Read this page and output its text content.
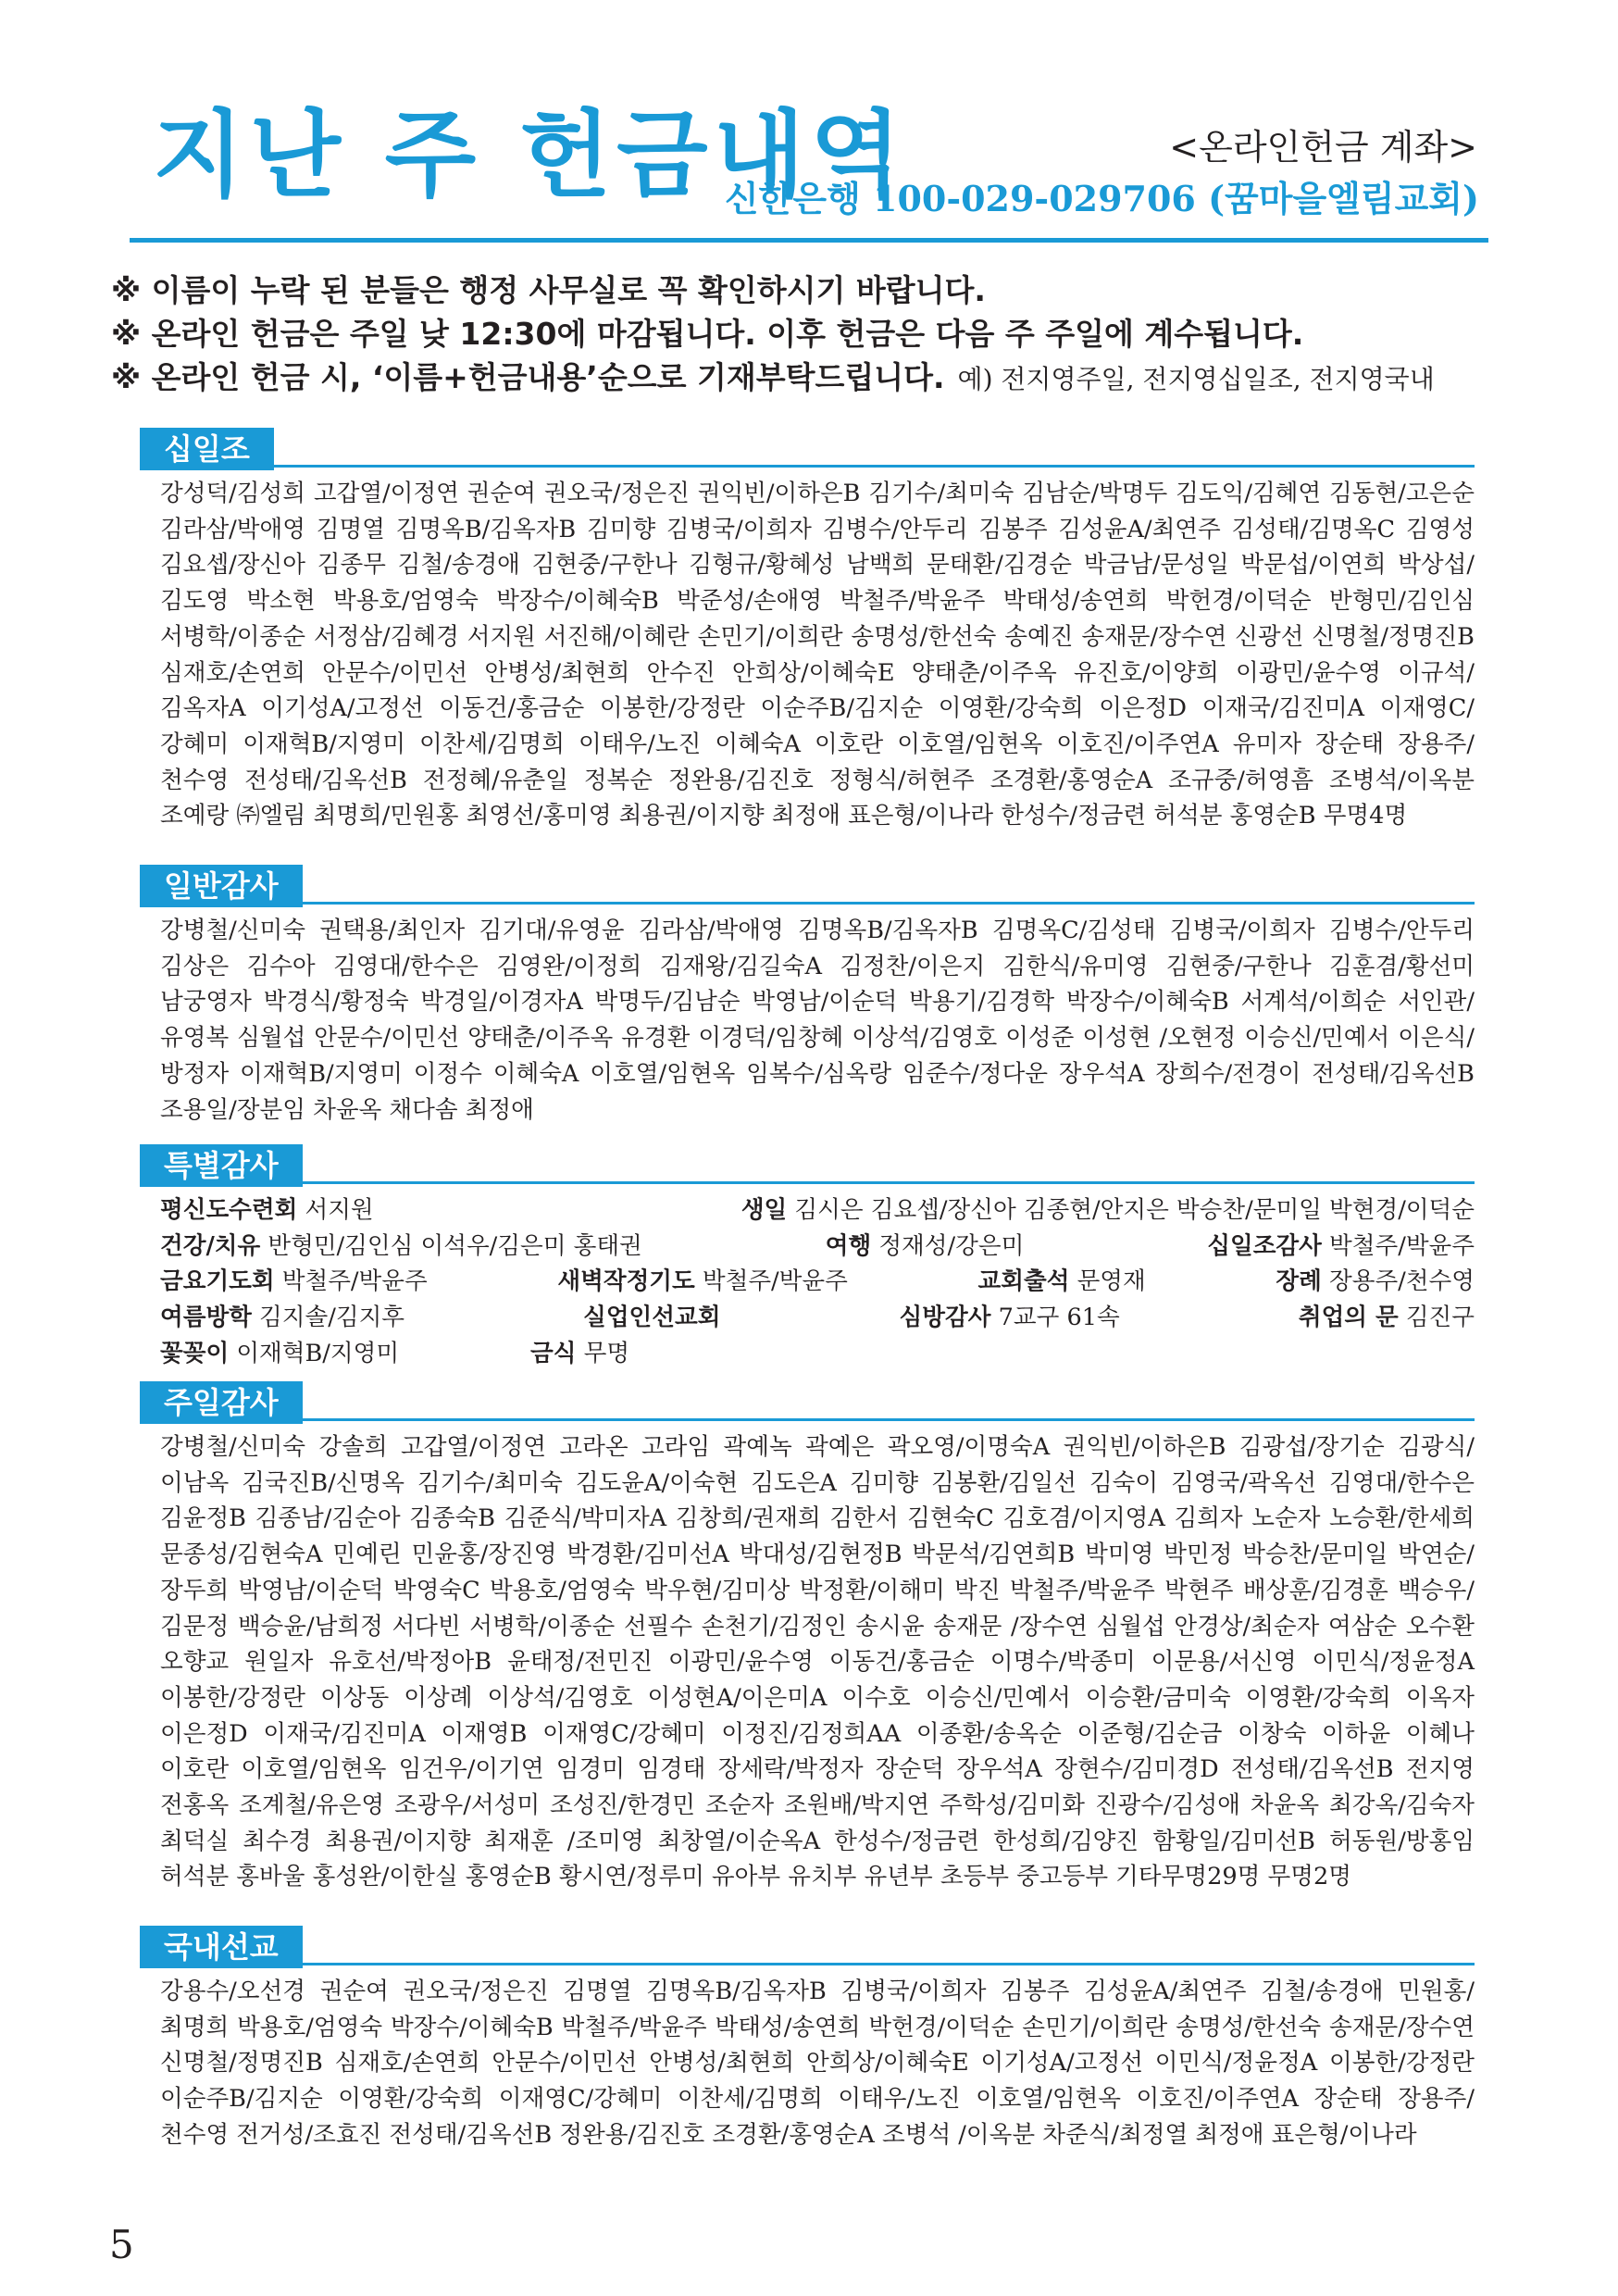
지난 주 헌금내역	<온라인헌금 계좌>
신한은행 100-029-029706 (꿈마을엘림교회)
※ 이름이 누락 된 분들은 행정 사무실로 꼭 확인하시기 바랍니다.
※ 온라인 헌금은 주일 낮 12:30에 마감됩니다. 이후 헌금은 다음 주 주일에 계수됩니다.
※ 온라인 헌금 시, ‘이름+헌금내용’순으로 기재부탁드립니다. 예) 전지영주일, 전지영십일조, 전지영국내
십일조
강성덕/김성희 고갑열/이정연 권순여 권오국/정은진 권익빈/이하은B 김기수/최미숙 김남순/박명두 김도익/김혜연 김동현/고은순 김라삼/박애영 김명열 김명옥B/김옥자B 김미향 김병국/이희자 김병수/안두리 김봉주 김성윤A/최연주 김성태/김명옥C 김영성 김요셉/장신아 김종무 김철/송경애 김현중/구한나 김형규/황혜성 남백희 문태환/김경순 박금남/문성일 박문섭/이연희 박상섭/김도영 박소현 박용호/엄영숙 박장수/이혜숙B 박준성/손애영 박철주/박윤주 박태성/송연희 박헌경/이덕순 반형민/김인심 서병학/이종순 서정삼/김혜경 서지원 서진해/이혜란 손민기/이희란 송명성/한선숙 송예진 송재문/장수연 신광선 신명철/정명진B 심재호/손연희 안문수/이민선 안병성/최현희 안수진 안희상/이혜숙E 양태춘/이주옥 유진호/이양희 이광민/윤수영 이규석/김옥자A 이기성A/고정선 이동건/홍금순 이봉한/강정란 이순주B/김지순 이영환/강숙희 이은정D 이재국/김진미A 이재영C/강혜미 이재혁B/지영미 이찬세/김명희 이태우/노진 이혜숙A 이호란 이호열/임현옥 이호진/이주연A 유미자 장순태 장용주/천수영 전성태/김옥선B 전정혜/유춘일 정복순 정완용/김진호 정형식/허현주 조경환/홍영순A 조규중/허영흠 조병석/이옥분 조예랑 ㈜엘림 최명희/민원홍 최영선/홍미영 최용권/이지향 최정애 표은형/이나라 한성수/정금련 허석분 홍영순B 무명4명
일반감사
강병철/신미숙 권택용/최인자 김기대/유영윤 김라삼/박애영 김명옥B/김옥자B 김명옥C/김성태 김병국/이희자 김병수/안두리 김상은 김수아 김영대/한수은 김영완/이정희 김재왕/김길숙A 김정찬/이은지 김한식/유미영 김현중/구한나 김훈겸/황선미 남궁영자 박경식/황정숙 박경일/이경자A 박명두/김남순 박영남/이순덕 박용기/김경학 박장수/이혜숙B 서계석/이희순 서인관/유영복 심월섭 안문수/이민선 양태춘/이주옥 유경환 이경덕/임창혜 이상석/김영호 이성준 이성현 /오현정 이승신/민예서 이은식/방정자 이재혁B/지영미 이정수 이혜숙A 이호열/임현옥 임복수/심옥랑 임준수/정다운 장우석A 장희수/전경이 전성태/김옥선B 조용일/장분임 차윤옥 채다솜 최정애
특별감사
평신도수련회 서지원	생일 김시은 김요셉/장신아 김종현/안지은 박승찬/문미일 박현경/이덕순
건강/치유 반형민/김인심 이석우/김은미 홍태권	여행 정재성/강은미	십일조감사 박철주/박윤주
금요기도회 박철주/박윤주	새벽작정기도 박철주/박윤주	교회출석 문영재	장례 장용주/천수영
여름방학 김지솔/김지후	실업인선교회	심방감사 7교구 61속	취업의 문 김진구
꽃꽂이 이재혁B/지영미	금식 무명
주일감사
강병철/신미숙 강솔희 고갑열/이정연 고라온 고라임 곽예녹 곽예은 곽오영/이명숙A 권익빈/이하은B 김광섭/장기순 김광식/이남옥 김국진B/신명옥 김기수/최미숙 김도윤A/이숙현 김도은A 김미향 김봉환/김일선 김숙이 김영국/곽옥선 김영대/한수은 김윤정B 김종남/김순아 김종숙B 김준식/박미자A 김창희/권재희 김한서 김현숙C 김호겸/이지영A 김희자 노순자 노승환/한세희 문종성/김현숙A 민예린 민윤홍/장진영 박경환/김미선A 박대성/김현정B 박문석/김연희B 박미영 박민정 박승찬/문미일 박연순/장두희 박영남/이순덕 박영숙C 박용호/엄영숙 박우현/김미상 박정환/이해미 박진 박철주/박윤주 박현주 배상훈/김경훈 백승우/김문정 백승윤/남희정 서다빈 서병학/이종순 선필수 손천기/김정인 송시윤 송재문 /장수연 심월섭 안경상/최순자 여삼순 오수환 오향교 원일자 유호선/박정아B 윤태정/전민진 이광민/윤수영 이동건/홍금순 이명수/박종미 이문용/서신영 이민식/정윤정A 이봉한/강정란 이상동 이상례 이상석/김영호 이성현A/이은미A 이수호 이승신/민예서 이승환/금미숙 이영환/강숙희 이옥자 이은정D 이재국/김진미A 이재영B 이재영C/강혜미 이정진/김정희AA 이종환/송옥순 이준형/김순금 이창숙 이하윤 이혜나 이호란 이호열/임현옥 임건우/이기연 임경미 임경태 장세락/박정자 장순덕 장우석A 장현수/김미경D 전성태/김옥선B 전지영 전홍옥 조계철/유은영 조광우/서성미 조성진/한경민 조순자 조원배/박지연 주학성/김미화 진광수/김성애 차윤옥 최강옥/김숙자 최덕실 최수경 최용권/이지향 최재훈 /조미영 최창열/이순옥A 한성수/정금련 한성희/김양진 함황일/김미선B 허동원/방홍임 허석분 홍바울 홍성완/이한실 홍영순B 황시연/정루미 유아부 유치부 유년부 초등부 중고등부 기타무명29명 무명2명
국내선교
강용수/오선경 권순여 권오국/정은진 김명열 김명옥B/김옥자B 김병국/이희자 김봉주 김성윤A/최연주 김철/송경애 민원홍/최명희 박용호/엄영숙 박장수/이혜숙B 박철주/박윤주 박태성/송연희 박헌경/이덕순 손민기/이희란 송명성/한선숙 송재문/장수연 신명철/정명진B 심재호/손연희 안문수/이민선 안병성/최현희 안희상/이혜숙E 이기성A/고정선 이민식/정윤정A 이봉한/강정란 이순주B/김지순 이영환/강숙희 이재영C/강혜미 이찬세/김명희 이태우/노진 이호열/임현옥 이호진/이주연A 장순태 장용주/천수영 전거성/조효진 전성태/김옥선B 정완용/김진호 조경환/홍영순A 조병석 /이옥분 차준식/최정열 최정애 표은형/이나라
5
